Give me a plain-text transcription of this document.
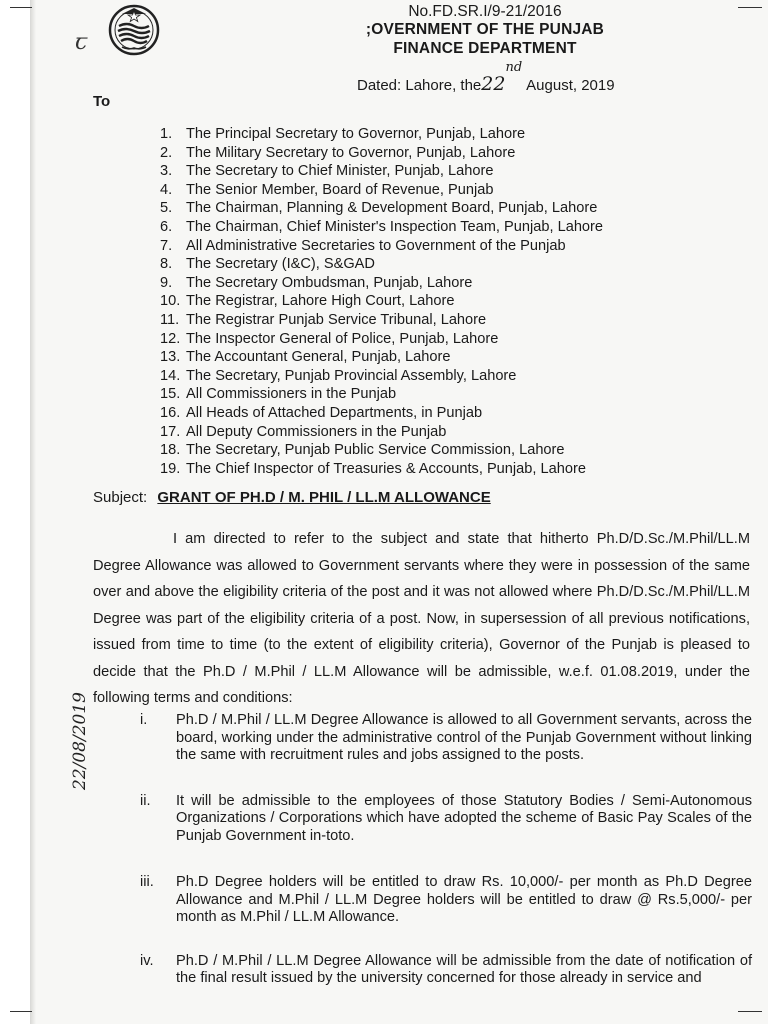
ꞇ
No.FD.SR.I/9-21/2016
;OVERNMENT OF THE PUNJAB
FINANCE DEPARTMENT
Dated: Lahore, the22ndAugust, 2019
To
1. The Principal Secretary to Governor, Punjab, Lahore
2. The Military Secretary to Governor, Punjab, Lahore
3. The Secretary to Chief Minister, Punjab, Lahore
4. The Senior Member, Board of Revenue, Punjab
5. The Chairman, Planning & Development Board, Punjab, Lahore
6. The Chairman, Chief Minister's Inspection Team, Punjab, Lahore
7. All Administrative Secretaries to Government of the Punjab
8. The Secretary (I&C), S&GAD
9. The Secretary Ombudsman, Punjab, Lahore
10. The Registrar, Lahore High Court, Lahore
11. The Registrar Punjab Service Tribunal, Lahore
12. The Inspector General of Police, Punjab, Lahore
13. The Accountant General, Punjab, Lahore
14. The Secretary, Punjab Provincial Assembly, Lahore
15. All Commissioners in the Punjab
16. All Heads of Attached Departments, in Punjab
17. All Deputy Commissioners in the Punjab
18. The Secretary, Punjab Public Service Commission, Lahore
19. The Chief Inspector of Treasuries & Accounts, Punjab, Lahore
Subject: GRANT OF PH.D / M. PHIL / LL.M ALLOWANCE
22/08/2019

I am directed to refer to the subject and state that hitherto Ph.D/D.Sc./M.Phil/LL.M Degree Allowance was allowed to Government servants where they were in possession of the same over and above the eligibility criteria of the post and it was not allowed where Ph.D/D.Sc./M.Phil/LL.M Degree was part of the eligibility criteria of a post. Now, in supersession of all previous notifications, issued from time to time (to the extent of eligibility criteria), Governor of the Punjab is pleased to decide that the Ph.D / M.Phil / LL.M Allowance will be admissible, w.e.f. 01.08.2019, under the following terms and conditions:

i.	Ph.D / M.Phil / LL.M Degree Allowance is allowed to all Government servants, across the board, working under the administrative control of the Punjab Government without linking the same with recruitment rules and jobs assigned to the posts.
ii.	It will be admissible to the employees of those Statutory Bodies / Semi-Autonomous Organizations / Corporations which have adopted the scheme of Basic Pay Scales of the Punjab Government in-toto.
iii.	Ph.D Degree holders will be entitled to draw Rs. 10,000/- per month as Ph.D Degree Allowance and M.Phil / LL.M Degree holders will be entitled to draw @ Rs.5,000/- per month as M.Phil / LL.M Allowance.
iv.	Ph.D / M.Phil / LL.M Degree Allowance will be admissible from the date of notification of the final result issued by the university concerned for those already in service and
